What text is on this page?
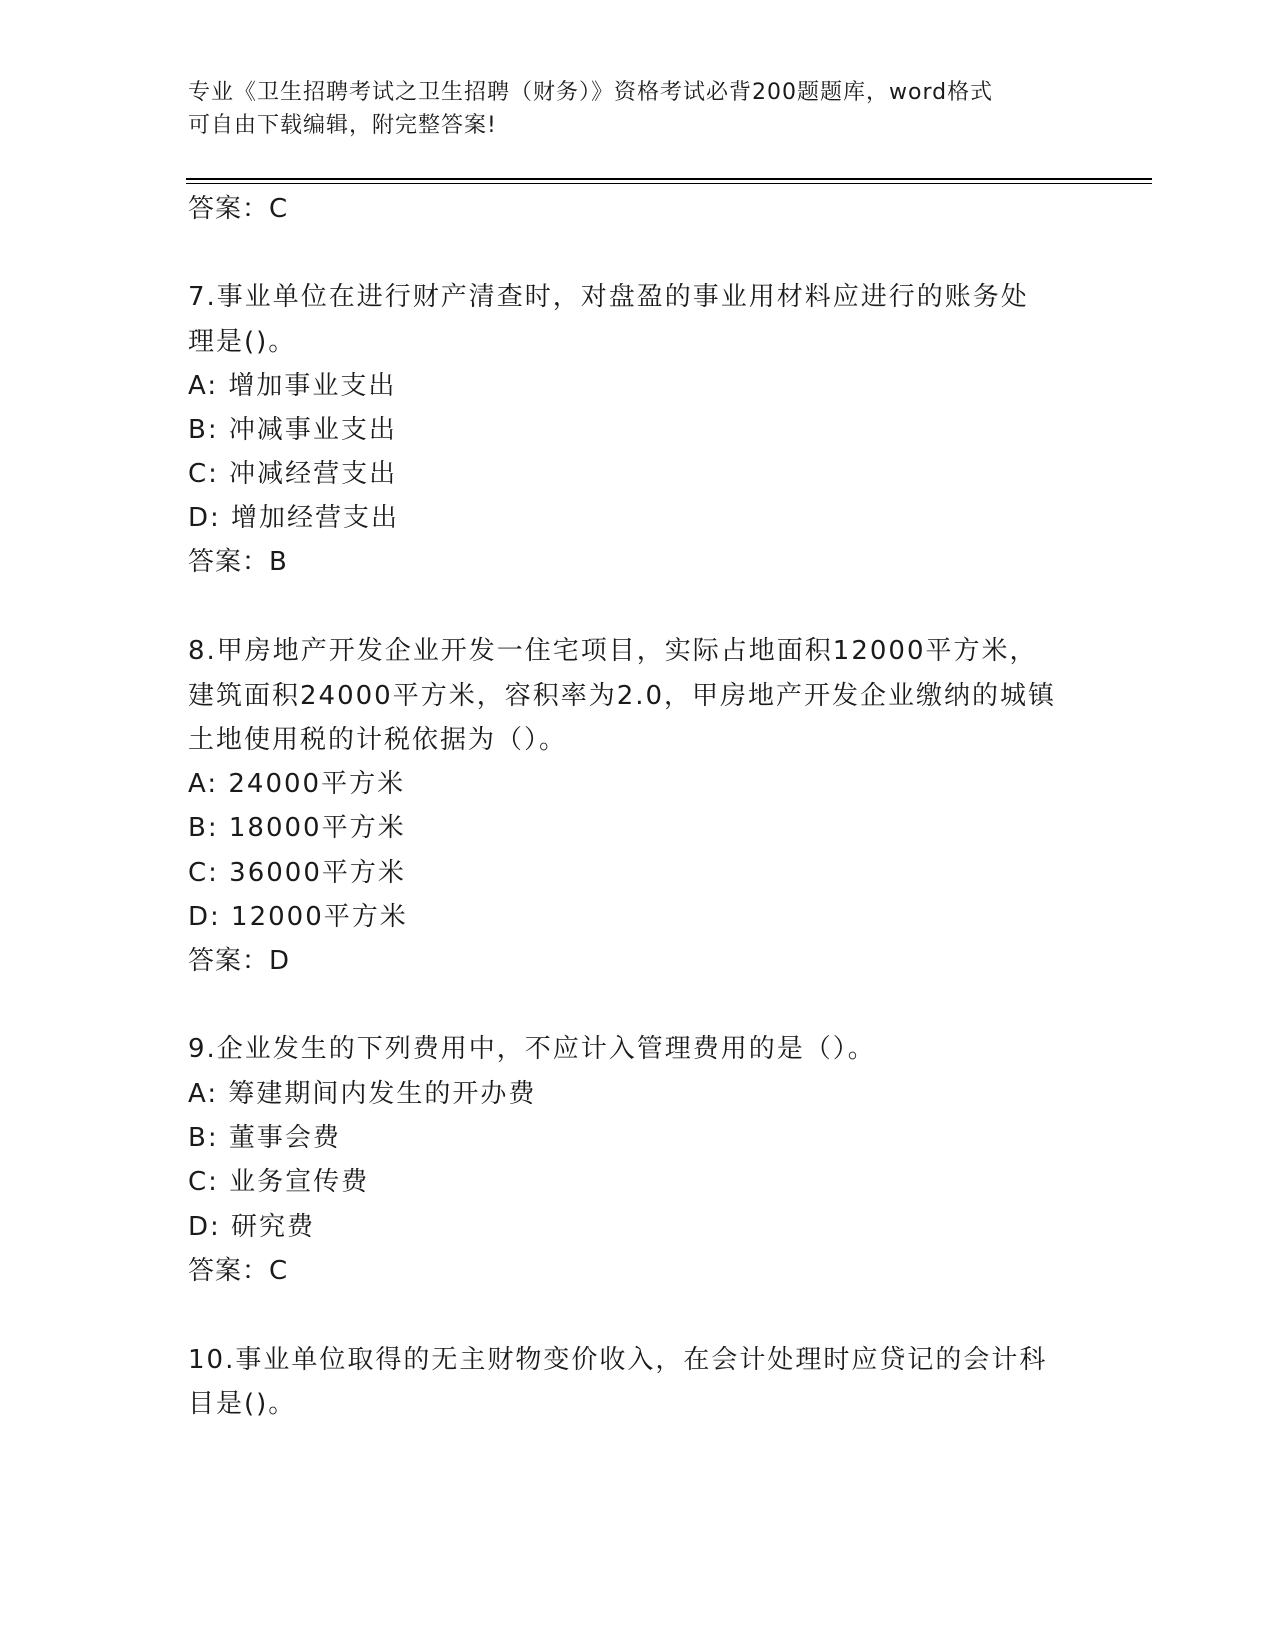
专业《卫生招聘考试之卫生招聘（财务）》资格考试必背200题题库，word格式
可自由下载编辑，附完整答案!
答案：C
7.事业单位在进行财产清查时，对盘盈的事业用材料应进行的账务处
理是()。
A: 增加事业支出
B: 冲减事业支出
C: 冲减经营支出
D: 增加经营支出
答案：B
8.甲房地产开发企业开发一住宅项目，实际占地面积12000平方米，
建筑面积24000平方米，容积率为2.0，甲房地产开发企业缴纳的城镇
土地使用税的计税依据为（）。
A: 24000平方米
B: 18000平方米
C: 36000平方米
D: 12000平方米
答案：D
9.企业发生的下列费用中，不应计入管理费用的是（）。
A: 筹建期间内发生的开办费
B: 董事会费
C: 业务宣传费
D: 研究费
答案：C
10.事业单位取得的无主财物变价收入，在会计处理时应贷记的会计科
目是()。
